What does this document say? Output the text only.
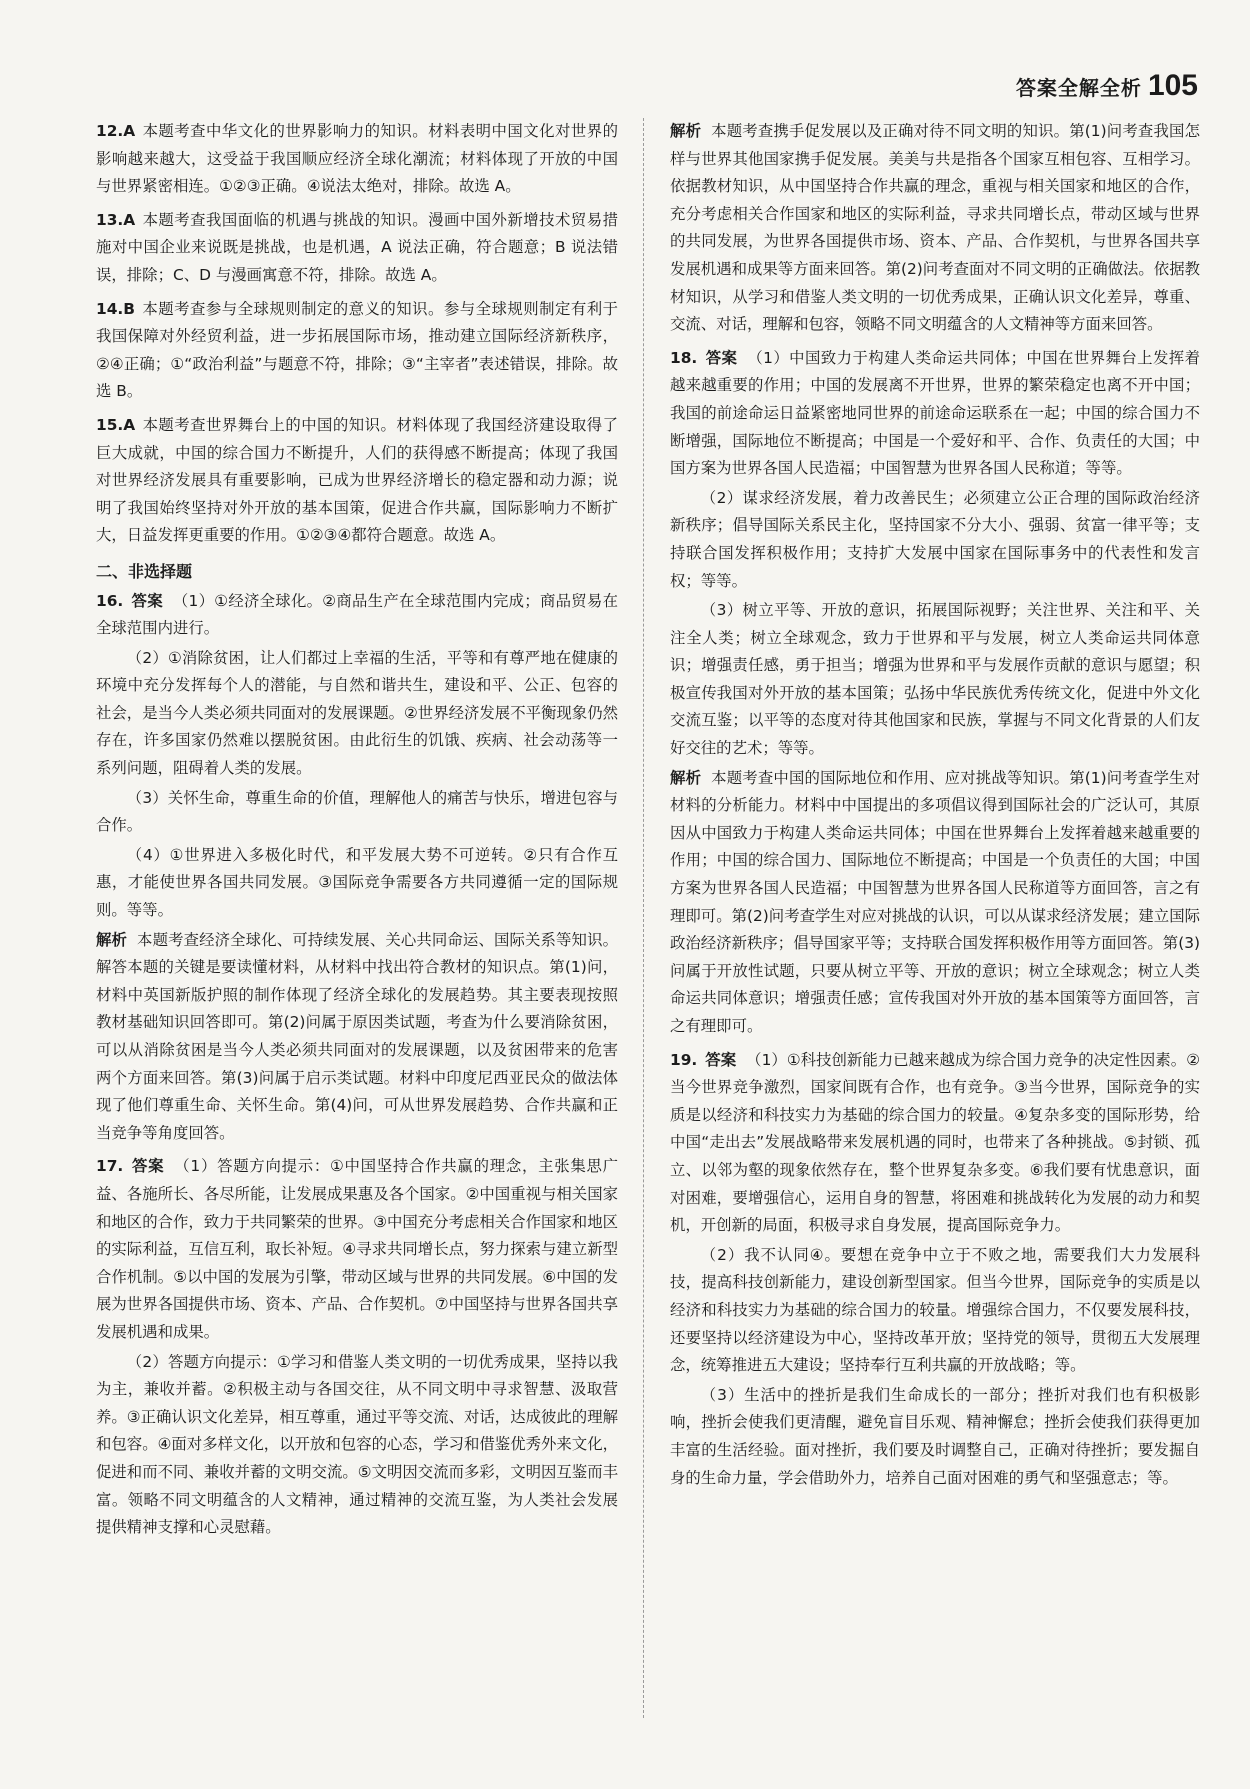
答案全解全析 105

12.A 本题考查中华文化的世界影响力的知识。材料表明中国文化对世界的影响越来越大，这受益于我国顺应经济全球化潮流；材料体现了开放的中国与世界紧密相连。①②③正确。④说法太绝对，排除。故选 A。

13.A 本题考查我国面临的机遇与挑战的知识。漫画中国外新增技术贸易措施对中国企业来说既是挑战，也是机遇，A 说法正确，符合题意；B 说法错误，排除；C、D 与漫画寓意不符，排除。故选 A。

14.B 本题考查参与全球规则制定的意义的知识。参与全球规则制定有利于我国保障对外经贸利益，进一步拓展国际市场，推动建立国际经济新秩序，②④正确；①“政治利益”与题意不符，排除；③“主宰者”表述错误，排除。故选 B。

15.A 本题考查世界舞台上的中国的知识。材料体现了我国经济建设取得了巨大成就，中国的综合国力不断提升，人们的获得感不断提高；体现了我国对世界经济发展具有重要影响，已成为世界经济增长的稳定器和动力源；说明了我国始终坚持对外开放的基本国策，促进合作共赢，国际影响力不断扩大，日益发挥更重要的作用。①②③④都符合题意。故选 A。

二、非选择题

16. 答案 （1）①经济全球化。②商品生产在全球范围内完成；商品贸易在全球范围内进行。

（2）①消除贫困，让人们都过上幸福的生活，平等和有尊严地在健康的环境中充分发挥每个人的潜能，与自然和谐共生，建设和平、公正、包容的社会，是当今人类必须共同面对的发展课题。②世界经济发展不平衡现象仍然存在，许多国家仍然难以摆脱贫困。由此衍生的饥饿、疾病、社会动荡等一系列问题，阻碍着人类的发展。

（3）关怀生命，尊重生命的价值，理解他人的痛苦与快乐，增进包容与合作。

（4）①世界进入多极化时代，和平发展大势不可逆转。②只有合作互惠，才能使世界各国共同发展。③国际竞争需要各方共同遵循一定的国际规则。等等。

解析 本题考查经济全球化、可持续发展、关心共同命运、国际关系等知识。解答本题的关键是要读懂材料，从材料中找出符合教材的知识点。第(1)问，材料中英国新版护照的制作体现了经济全球化的发展趋势。其主要表现按照教材基础知识回答即可。第(2)问属于原因类试题，考查为什么要消除贫困，可以从消除贫困是当今人类必须共同面对的发展课题，以及贫困带来的危害两个方面来回答。第(3)问属于启示类试题。材料中印度尼西亚民众的做法体现了他们尊重生命、关怀生命。第(4)问，可从世界发展趋势、合作共赢和正当竞争等角度回答。

17. 答案 （1）答题方向提示：①中国坚持合作共赢的理念，主张集思广益、各施所长、各尽所能，让发展成果惠及各个国家。②中国重视与相关国家和地区的合作，致力于共同繁荣的世界。③中国充分考虑相关合作国家和地区的实际利益，互信互利，取长补短。④寻求共同增长点，努力探索与建立新型合作机制。⑤以中国的发展为引擎，带动区域与世界的共同发展。⑥中国的发展为世界各国提供市场、资本、产品、合作契机。⑦中国坚持与世界各国共享发展机遇和成果。

（2）答题方向提示：①学习和借鉴人类文明的一切优秀成果，坚持以我为主，兼收并蓄。②积极主动与各国交往，从不同文明中寻求智慧、汲取营养。③正确认识文化差异，相互尊重，通过平等交流、对话，达成彼此的理解和包容。④面对多样文化，以开放和包容的心态，学习和借鉴优秀外来文化，促进和而不同、兼收并蓄的文明交流。⑤文明因交流而多彩，文明因互鉴而丰富。领略不同文明蕴含的人文精神，通过精神的交流互鉴，为人类社会发展提供精神支撑和心灵慰藉。

解析 本题考查携手促发展以及正确对待不同文明的知识。第(1)问考查我国怎样与世界其他国家携手促发展。美美与共是指各个国家互相包容、互相学习。依据教材知识，从中国坚持合作共赢的理念，重视与相关国家和地区的合作，充分考虑相关合作国家和地区的实际利益，寻求共同增长点，带动区域与世界的共同发展，为世界各国提供市场、资本、产品、合作契机，与世界各国共享发展机遇和成果等方面来回答。第(2)问考查面对不同文明的正确做法。依据教材知识，从学习和借鉴人类文明的一切优秀成果，正确认识文化差异，尊重、交流、对话，理解和包容，领略不同文明蕴含的人文精神等方面来回答。

18. 答案 （1）中国致力于构建人类命运共同体；中国在世界舞台上发挥着越来越重要的作用；中国的发展离不开世界，世界的繁荣稳定也离不开中国；我国的前途命运日益紧密地同世界的前途命运联系在一起；中国的综合国力不断增强，国际地位不断提高；中国是一个爱好和平、合作、负责任的大国；中国方案为世界各国人民造福；中国智慧为世界各国人民称道；等等。

（2）谋求经济发展，着力改善民生；必须建立公正合理的国际政治经济新秩序；倡导国际关系民主化，坚持国家不分大小、强弱、贫富一律平等；支持联合国发挥积极作用；支持扩大发展中国家在国际事务中的代表性和发言权；等等。

（3）树立平等、开放的意识，拓展国际视野；关注世界、关注和平、关注全人类；树立全球观念，致力于世界和平与发展，树立人类命运共同体意识；增强责任感，勇于担当；增强为世界和平与发展作贡献的意识与愿望；积极宣传我国对外开放的基本国策；弘扬中华民族优秀传统文化，促进中外文化交流互鉴；以平等的态度对待其他国家和民族，掌握与不同文化背景的人们友好交往的艺术；等等。

解析 本题考查中国的国际地位和作用、应对挑战等知识。第(1)问考查学生对材料的分析能力。材料中中国提出的多项倡议得到国际社会的广泛认可，其原因从中国致力于构建人类命运共同体；中国在世界舞台上发挥着越来越重要的作用；中国的综合国力、国际地位不断提高；中国是一个负责任的大国；中国方案为世界各国人民造福；中国智慧为世界各国人民称道等方面回答，言之有理即可。第(2)问考查学生对应对挑战的认识，可以从谋求经济发展；建立国际政治经济新秩序；倡导国家平等；支持联合国发挥积极作用等方面回答。第(3)问属于开放性试题，只要从树立平等、开放的意识；树立全球观念；树立人类命运共同体意识；增强责任感；宣传我国对外开放的基本国策等方面回答，言之有理即可。

19. 答案 （1）①科技创新能力已越来越成为综合国力竞争的决定性因素。②当今世界竞争激烈，国家间既有合作，也有竞争。③当今世界，国际竞争的实质是以经济和科技实力为基础的综合国力的较量。④复杂多变的国际形势，给中国“走出去”发展战略带来发展机遇的同时，也带来了各种挑战。⑤封锁、孤立、以邻为壑的现象依然存在，整个世界复杂多变。⑥我们要有忧患意识，面对困难，要增强信心，运用自身的智慧，将困难和挑战转化为发展的动力和契机，开创新的局面，积极寻求自身发展，提高国际竞争力。

（2）我不认同④。要想在竞争中立于不败之地，需要我们大力发展科技，提高科技创新能力，建设创新型国家。但当今世界，国际竞争的实质是以经济和科技实力为基础的综合国力的较量。增强综合国力，不仅要发展科技，还要坚持以经济建设为中心，坚持改革开放；坚持党的领导，贯彻五大发展理念，统筹推进五大建设；坚持奉行互利共赢的开放战略；等。

（3）生活中的挫折是我们生命成长的一部分；挫折对我们也有积极影响，挫折会使我们更清醒，避免盲目乐观、精神懈怠；挫折会使我们获得更加丰富的生活经验。面对挫折，我们要及时调整自己，正确对待挫折；要发掘自身的生命力量，学会借助外力，培养自己面对困难的勇气和坚强意志；等。
